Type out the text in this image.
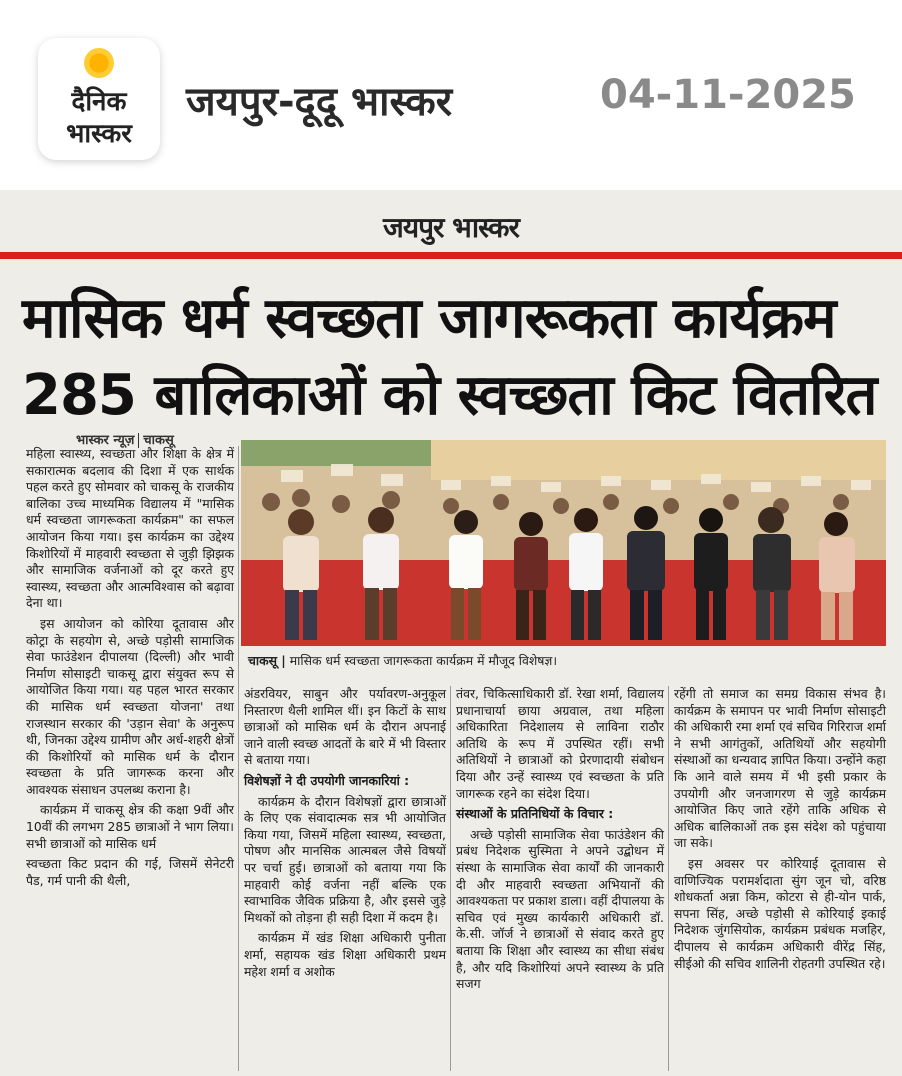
दैनिक
भास्कर
जयपुर-दूदू भास्कर	04-11-2025
जयपुर भास्कर
मासिक धर्म स्वच्छता जागरूकता कार्यक्रम
285 बालिकाओं को स्वच्छता किट वितरित
भास्कर न्यूज़ चाकसू
चाकसू | मासिक धर्म स्वच्छता जागरूकता कार्यक्रम में मौजूद विशेषज्ञ।

महिला स्वास्थ्य, स्वच्छता और शिक्षा के क्षेत्र में सकारात्मक बदलाव की दिशा में एक सार्थक पहल करते हुए सोमवार को चाकसू के राजकीय बालिका उच्च माध्यमिक विद्यालय में "मासिक धर्म स्वच्छता जागरूकता कार्यक्रम" का सफल आयोजन किया गया। इस कार्यक्रम का उद्देश्य किशोरियों में माहवारी स्वच्छता से जुड़ी झिझक और सामाजिक वर्जनाओं को दूर करते हुए स्वास्थ्य, स्वच्छता और आत्मविश्वास को बढ़ावा देना था।

इस आयोजन को कोरिया दूतावास और कोट्रा के सहयोग से, अच्छे पड़ोसी सामाजिक सेवा फाउंडेशन दीपालया (दिल्ली) और भावी निर्माण सोसाइटी चाकसू द्वारा संयुक्त रूप से आयोजित किया गया। यह पहल भारत सरकार की मासिक धर्म स्वच्छता योजना' तथा राजस्थान सरकार की 'उड़ान सेवा' के अनुरूप थी, जिनका उद्देश्य ग्रामीण और अर्ध-शहरी क्षेत्रों की किशोरियों को मासिक धर्म के दौरान स्वच्छता के प्रति जागरूक करना और आवश्यक संसाधन उपलब्ध कराना है।

कार्यक्रम में चाकसू क्षेत्र की कक्षा 9वीं और 10वीं की लगभग 285 छात्राओं ने भाग लिया। सभी छात्राओं को मासिक धर्म

स्वच्छता किट प्रदान की गई, जिसमें सेनेटरी पैड, गर्म पानी की थैली,

अंडरवियर, साबुन और पर्यावरण-अनुकूल निस्तारण थैली शामिल थीं। इन किटों के साथ छात्राओं को मासिक धर्म के दौरान अपनाई जाने वाली स्वच्छ आदतों के बारे में भी विस्तार से बताया गया।

विशेषज्ञों ने दी उपयोगी जानकारियां :

कार्यक्रम के दौरान विशेषज्ञों द्वारा छात्राओं के लिए एक संवादात्मक सत्र भी आयोजित किया गया, जिसमें महिला स्वास्थ्य, स्वच्छता, पोषण और मानसिक आत्मबल जैसे विषयों पर चर्चा हुई। छात्राओं को बताया गया कि माहवारी कोई वर्जना नहीं बल्कि एक स्वाभाविक जैविक प्रक्रिया है, और इससे जुड़े मिथकों को तोड़ना ही सही दिशा में कदम है।

कार्यक्रम में खंड शिक्षा अधिकारी पुनीता शर्मा, सहायक खंड शिक्षा अधिकारी प्रथम महेश शर्मा व अशोक

तंवर, चिकित्साधिकारी डॉ. रेखा शर्मा, विद्यालय प्रधानाचार्या छाया अग्रवाल, तथा महिला अधिकारिता निदेशालय से लाविना राठौर अतिथि के रूप में उपस्थित रहीं। सभी अतिथियों ने छात्राओं को प्रेरणादायी संबोधन दिया और उन्हें स्वास्थ्य एवं स्वच्छता के प्रति जागरूक रहने का संदेश दिया।

संस्थाओं के प्रतिनिधियों के विचार :

अच्छे पड़ोसी सामाजिक सेवा फाउंडेशन की प्रबंध निदेशक सुस्मिता ने अपने उद्बोधन में संस्था के सामाजिक सेवा कार्यों की जानकारी दी और माहवारी स्वच्छता अभियानों की आवश्यकता पर प्रकाश डाला। वहीं दीपालया के सचिव एवं मुख्य कार्यकारी अधिकारी डॉ. के.सी. जॉर्ज ने छात्राओं से संवाद करते हुए बताया कि शिक्षा और स्वास्थ्य का सीधा संबंध है, और यदि किशोरियां अपने स्वास्थ्य के प्रति सजग

रहेंगी तो समाज का समग्र विकास संभव है। कार्यक्रम के समापन पर भावी निर्माण सोसाइटी की अधिकारी रमा शर्मा एवं सचिव गिरिराज शर्मा ने सभी आगंतुकों, अतिथियों और सहयोगी संस्थाओं का धन्यवाद ज्ञापित किया। उन्होंने कहा कि आने वाले समय में भी इसी प्रकार के उपयोगी और जनजागरण से जुड़े कार्यक्रम आयोजित किए जाते रहेंगे ताकि अधिक से अधिक बालिकाओं तक इस संदेश को पहुंचाया जा सके।

इस अवसर पर कोरियाई दूतावास से वाणिज्यिक परामर्शदाता सुंग जून चो, वरिष्ठ शोधकर्ता अन्ना किम, कोटरा से ही-योन पार्क, सपना सिंह, अच्छे पड़ोसी से कोरियाई इकाई निदेशक जुंगसियोक, कार्यक्रम प्रबंधक मजहिर, दीपालय से कार्यक्रम अधिकारी वीरेंद्र सिंह, सीईओ की सचिव शालिनी रोहतगी उपस्थित रहे।
